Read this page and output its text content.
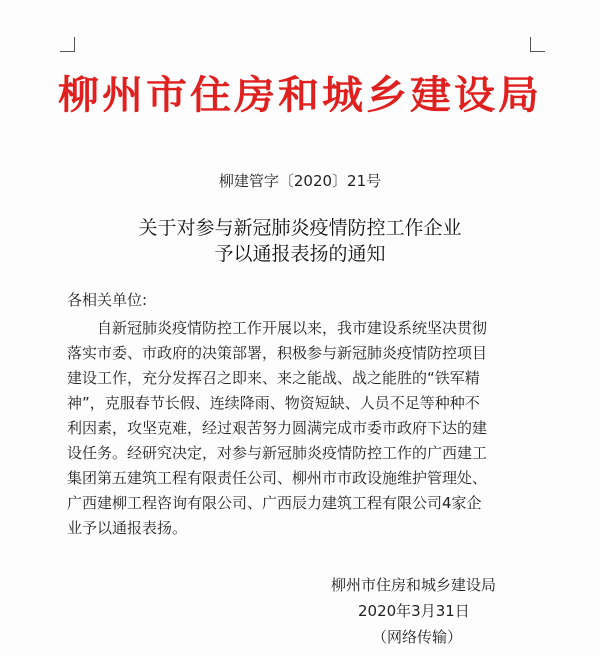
柳州市住房和城乡建设局
柳建管字〔2020〕21号
关于对参与新冠肺炎疫情防控工作企业
予以通报表扬的通知
各相关单位:
　　自新冠肺炎疫情防控工作开展以来，我市建设系统坚决贯彻
落实市委、市政府的决策部署，积极参与新冠肺炎疫情防控项目
建设工作，充分发挥召之即来、来之能战、战之能胜的“铁军精
神”，克服春节长假、连续降雨、物资短缺、人员不足等种种不
利因素，攻坚克难，经过艰苦努力圆满完成市委市政府下达的建
设任务。经研究决定，对参与新冠肺炎疫情防控工作的广西建工
集团第五建筑工程有限责任公司、柳州市市政设施维护管理处、
广西建柳工程咨询有限公司、广西辰力建筑工程有限公司4家企
业予以通报表扬。
柳州市住房和城乡建设局
2020年3月31日
（网络传输）
